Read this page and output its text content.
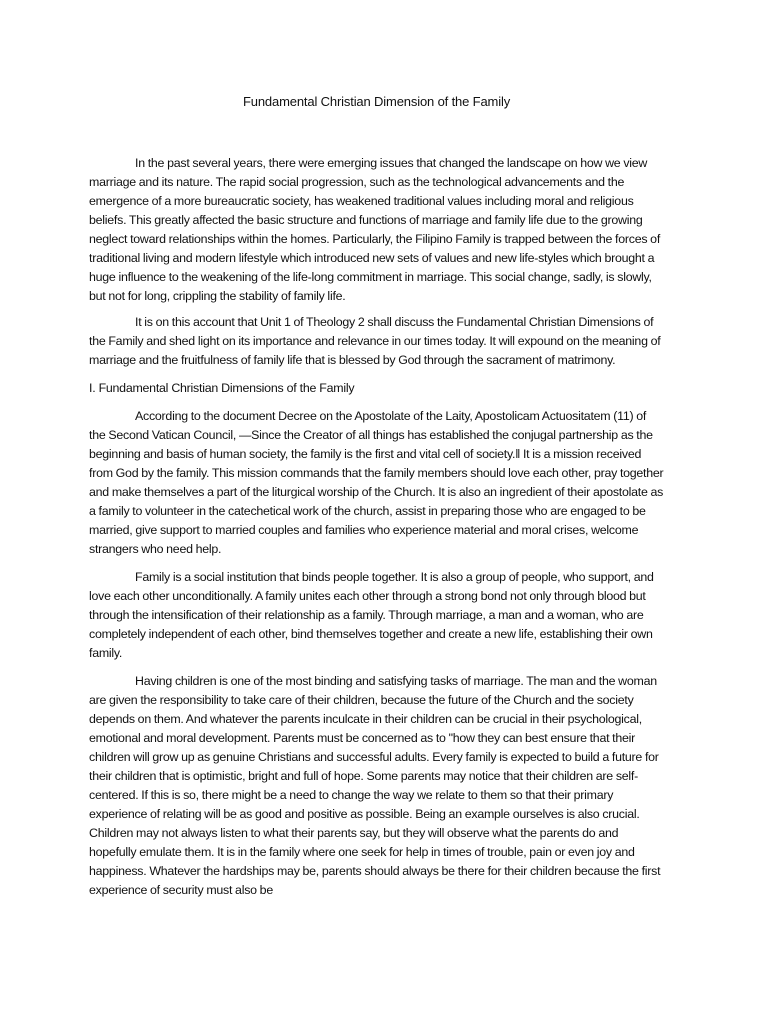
Fundamental Christian Dimension of the Family

In the past several years, there were emerging issues that changed the landscape on how we view marriage and its nature. The rapid social progression, such as the technological advancements and the emergence of a more bureaucratic society, has weakened traditional values including moral and religious beliefs. This greatly affected the basic structure and functions of marriage and family life due to the growing neglect toward relationships within the homes. Particularly, the Filipino Family is trapped between the forces of traditional living and modern lifestyle which introduced new sets of values and new life-styles which brought a huge influence to the weakening of the life-long commitment in marriage. This social change, sadly, is slowly, but not for long, crippling the stability of family life.

It is on this account that Unit 1 of Theology 2 shall discuss the Fundamental Christian Dimensions of the Family and shed light on its importance and relevance in our times today. It will expound on the meaning of marriage and the fruitfulness of family life that is blessed by God through the sacrament of matrimony.

I. Fundamental Christian Dimensions of the Family

According to the document Decree on the Apostolate of the Laity, Apostolicam Actuositatem (11) of the Second Vatican Council, ―Since the Creator of all things has established the conjugal partnership as the beginning and basis of human society, the family is the first and vital cell of society.‖ It is a mission received from God by the family. This mission commands that the family members should love each other, pray together and make themselves a part of the liturgical worship of the Church. It is also an ingredient of their apostolate as a family to volunteer in the catechetical work of the church, assist in preparing those who are engaged to be married, give support to married couples and families who experience material and moral crises, welcome strangers who need help.

Family is a social institution that binds people together. It is also a group of people, who support, and love each other unconditionally. A family unites each other through a strong bond not only through blood but through the intensification of their relationship as a family. Through marriage, a man and a woman, who are completely independent of each other, bind themselves together and create a new life, establishing their own family.

Having children is one of the most binding and satisfying tasks of marriage. The man and the woman are given the responsibility to take care of their children, because the future of the Church and the society depends on them. And whatever the parents inculcate in their children can be crucial in their psychological, emotional and moral development. Parents must be concerned as to "how they can best ensure that their children will grow up as genuine Christians and successful adults. Every family is expected to build a future for their children that is optimistic, bright and full of hope. Some parents may notice that their children are self-centered. If this is so, there might be a need to change the way we relate to them so that their primary experience of relating will be as good and positive as possible. Being an example ourselves is also crucial. Children may not always listen to what their parents say, but they will observe what the parents do and hopefully emulate them. It is in the family where one seek for help in times of trouble, pain or even joy and happiness. Whatever the hardships may be, parents should always be there for their children because the first experience of security must also be
